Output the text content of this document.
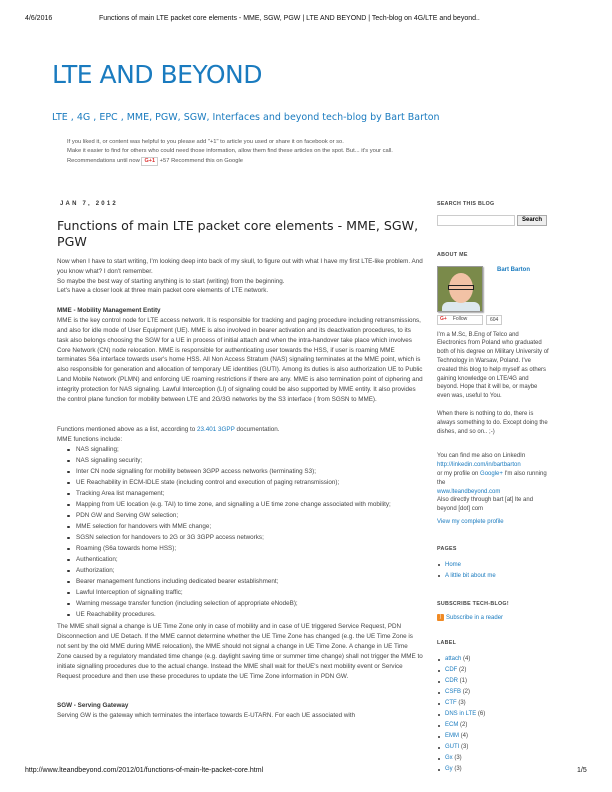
4/6/2016	Functions of main LTE packet core elements - MME, SGW, PGW | LTE AND BEYOND | Tech-blog on 4G/LTE and beyond..
LTE AND BEYOND
LTE , 4G , EPC , MME, PGW, SGW, Interfaces and beyond tech-blog by Bart Barton
If you liked it, or content was helpful to you please add "+1" to article you used or share it on facebook or so.
Make it easier to find for others who could need those information, allow them find these articles on the spot. But... it's your call.
Recommendations until now G+1 +57 Recommend this on Google
JAN 7, 2012
Functions of main LTE packet core elements - MME, SGW, PGW

Now when I have to start writing, I'm looking deep into back of my skull, to figure out with what I have my first LTE-like problem. And you know what? I don't remember.

So maybe the best way of starting anything is to start (writing) from the beginning.

Let's have a closer look at three main packet core elements of LTE network.

MME - Mobility Management Entity

MME is the key control node for LTE access network. It is responsible for tracking and paging procedure including retransmissions, and also for idle mode of User Equipment (UE). MME is also involved in bearer activation and its deactivation procedures, to its task also belongs choosing the SGW for a UE in process of initial attach and when the intra-handover take place which involves Core Network (CN) node relocation. MME is responsible for authenticating user towards the HSS, if user is roaming MME terminates S6a interface towards user's home HSS. All Non Access Stratum (NAS) signaling terminates at the MME point, which is also responsible for generation and allocation of temporary UE identities (GUTI). Among its duties is also authorization UE to Public Land Mobile Network (PLMN) and enforcing UE roaming restrictions if there are any. MME is also termination point of ciphering and integrity protection for NAS signaling. Lawful Interception (LI) of signaling could be also supported by MME entity. It also provides the control plane function for mobility between LTE and 2G/3G networks by the S3 interface ( from SGSN to MME).

Functions mentioned above as a list, according to 23.401 3GPP documentation.

MME functions include:

NAS signalling;
NAS signalling security;
Inter CN node signalling for mobility between 3GPP access networks (terminating S3);
UE Reachability in ECM-IDLE state (including control and execution of paging retransmission);
Tracking Area list management;
Mapping from UE location (e.g. TAI) to time zone, and signalling a UE time zone change associated with mobility;
PDN GW and Serving GW selection;
MME selection for handovers with MME change;
SGSN selection for handovers to 2G or 3G 3GPP access networks;
Roaming (S6a towards home HSS);
Authentication;
Authorization;
Bearer management functions including dedicated bearer establishment;
Lawful Interception of signalling traffic;
Warning message transfer function (including selection of appropriate eNodeB);
UE Reachability procedures.

The MME shall signal a change is UE Time Zone only in case of mobility and in case of UE triggered Service Request, PDN Disconnection and UE Detach. If the MME cannot determine whether the UE Time Zone has changed (e.g. the UE Time Zone is not sent by the old MME during MME relocation), the MME should not signal a change in UE Time Zone. A change in UE Time Zone caused by a regulatory mandated time change (e.g. daylight saving time or summer time change) shall not trigger the MME to initiate signalling procedures due to the actual change. Instead the MME shall wait for theUE's next mobility event or Service Request procedure and then use these procedures to update the UE Time Zone information in PDN GW.

SGW - Serving Gateway

Serving GW is the gateway which terminates the interface towards E-UTARN. For each UE associated with

SEARCH THIS BLOG
Search
ABOUT ME
Bart Barton
G+ Follow	604

I'm a M.Sc, B.Eng of Telco and Electronics from Poland who graduated both of his degree on Military University of Technology in Warsaw, Poland. I've created this blog to help myself as others gaining knowledge on LTE/4G and beyond. Hope that it will be, or maybe even was, useful to You.

When there is nothing to do, there is always something to do. Except doing the dishes, and so on.. ;-)

You can find me also on LinkedIn

http://linkedin.com/in/bartbarton

or my profile on Google+ I'm also running the

www.lteandbeyond.com

Also directly through bart [at] lte and beyond [dot] com

View my complete profile
PAGES
Home
A little bit about me
SUBSCRIBE TECH-BLOG!
) Subscribe in a reader
LABEL
attach (4)
CDF (2)
CDR (1)
CSFB (2)
CTF (3)
DNS in LTE (6)
ECM (2)
EMM (4)
GUTI (3)
Gx (3)
Gy (3)
http://www.lteandbeyond.com/2012/01/functions-of-main-lte-packet-core.html	1/5
